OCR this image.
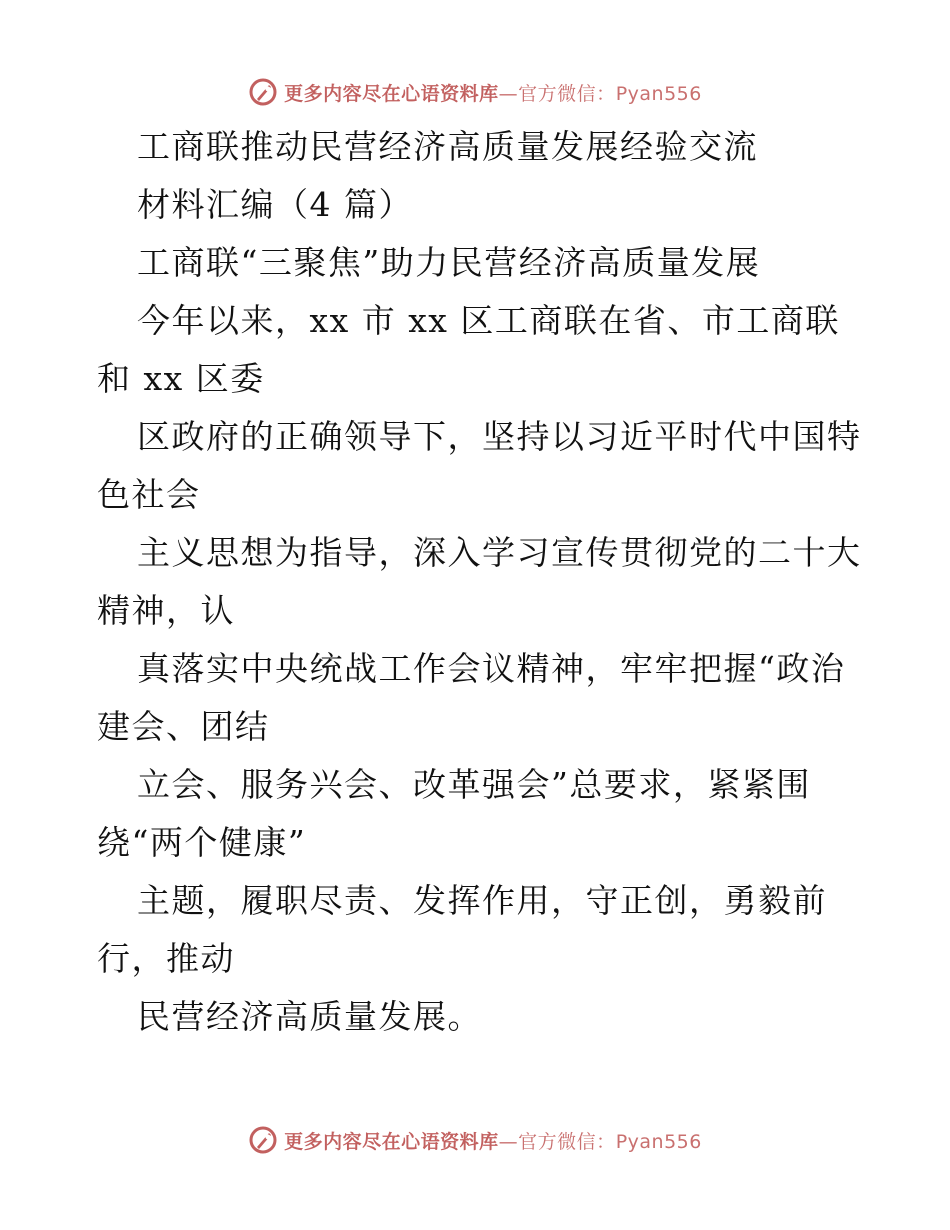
更多内容尽在心语资料库—官方微信：Pyan556
工商联推动民营经济高质量发展经验交流
材料汇编（4 篇）
工商联“三聚焦”助力民营经济高质量发展
今年以来，xx 市 xx 区工商联在省、市工商联
和 xx 区委
区政府的正确领导下，坚持以习近平时代中国特
色社会
主义思想为指导，深入学习宣传贯彻党的二十大
精神，认
真落实中央统战工作会议精神，牢牢把握“政治
建会、团结
立会、服务兴会、改革强会”总要求，紧紧围
绕“两个健康”
主题，履职尽责、发挥作用，守正创，勇毅前
行，推动
民营经济高质量发展。
更多内容尽在心语资料库—官方微信：Pyan556
